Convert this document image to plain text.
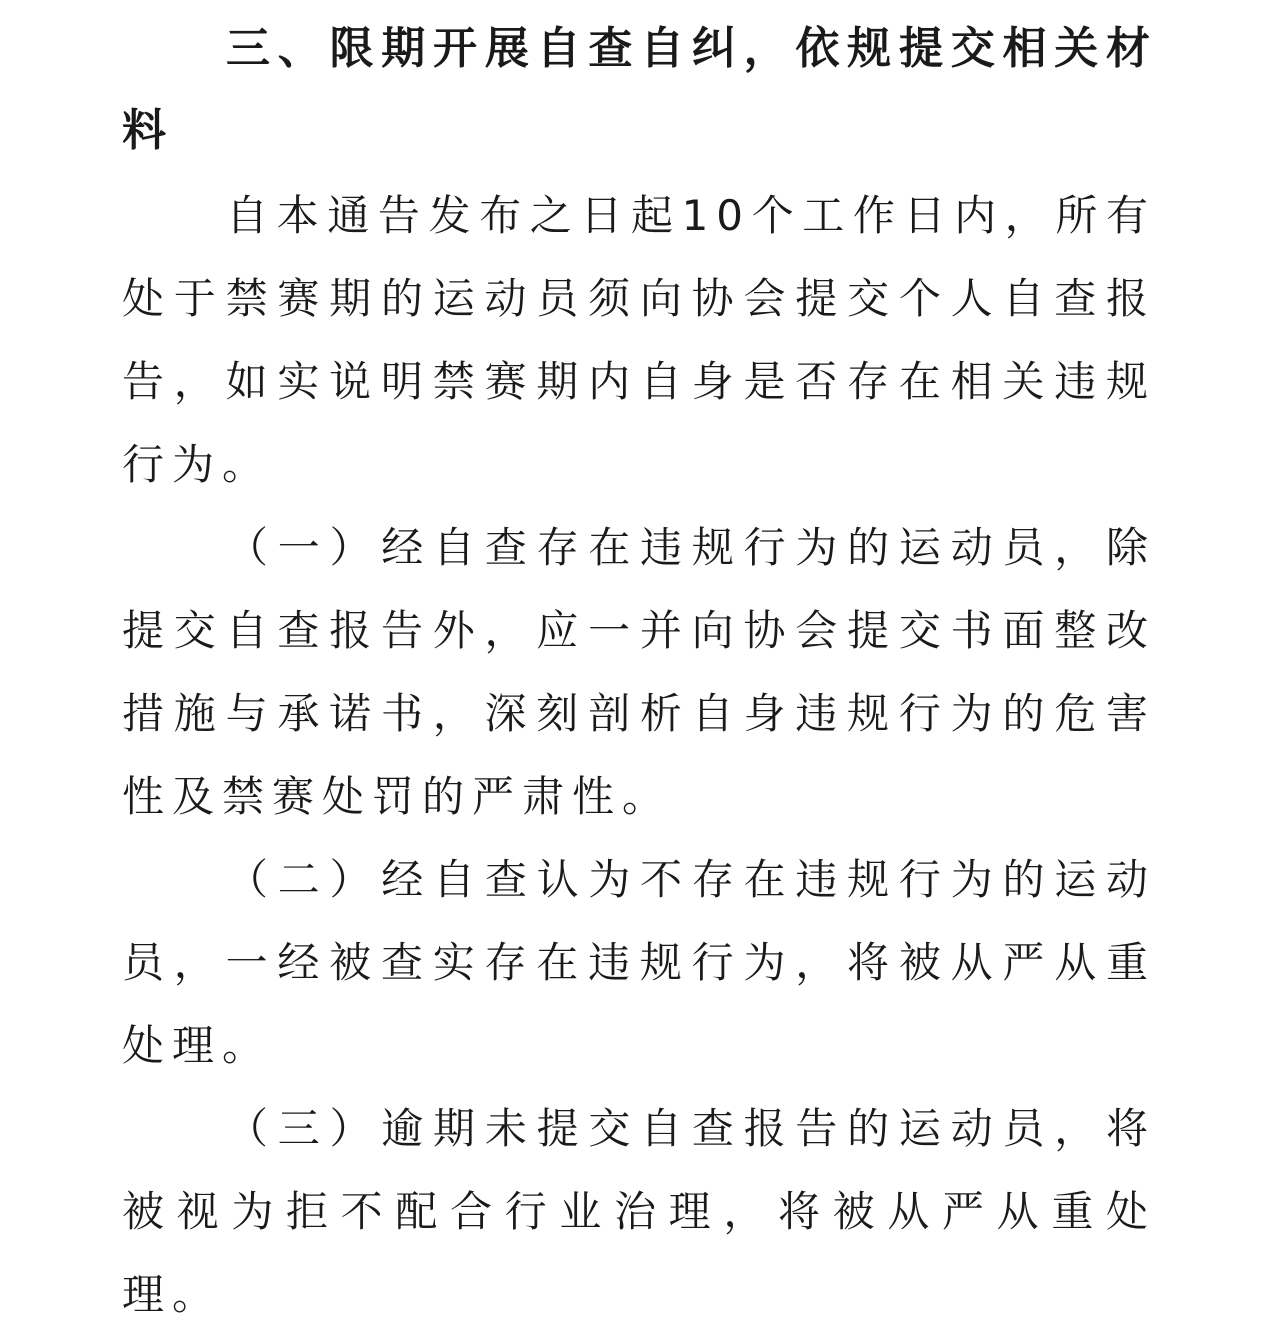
三、限期开展自查自纠，依规提交相关材料

自本通告发布之日起10个工作日内，所有处于禁赛期的运动员须向协会提交个人自查报告，如实说明禁赛期内自身是否存在相关违规行为。

（一）经自查存在违规行为的运动员，除提交自查报告外，应一并向协会提交书面整改措施与承诺书，深刻剖析自身违规行为的危害性及禁赛处罚的严肃性。

（二）经自查认为不存在违规行为的运动员，一经被查实存在违规行为，将被从严从重处理。

（三）逾期未提交自查报告的运动员，将被视为拒不配合行业治理，将被从严从重处理。
